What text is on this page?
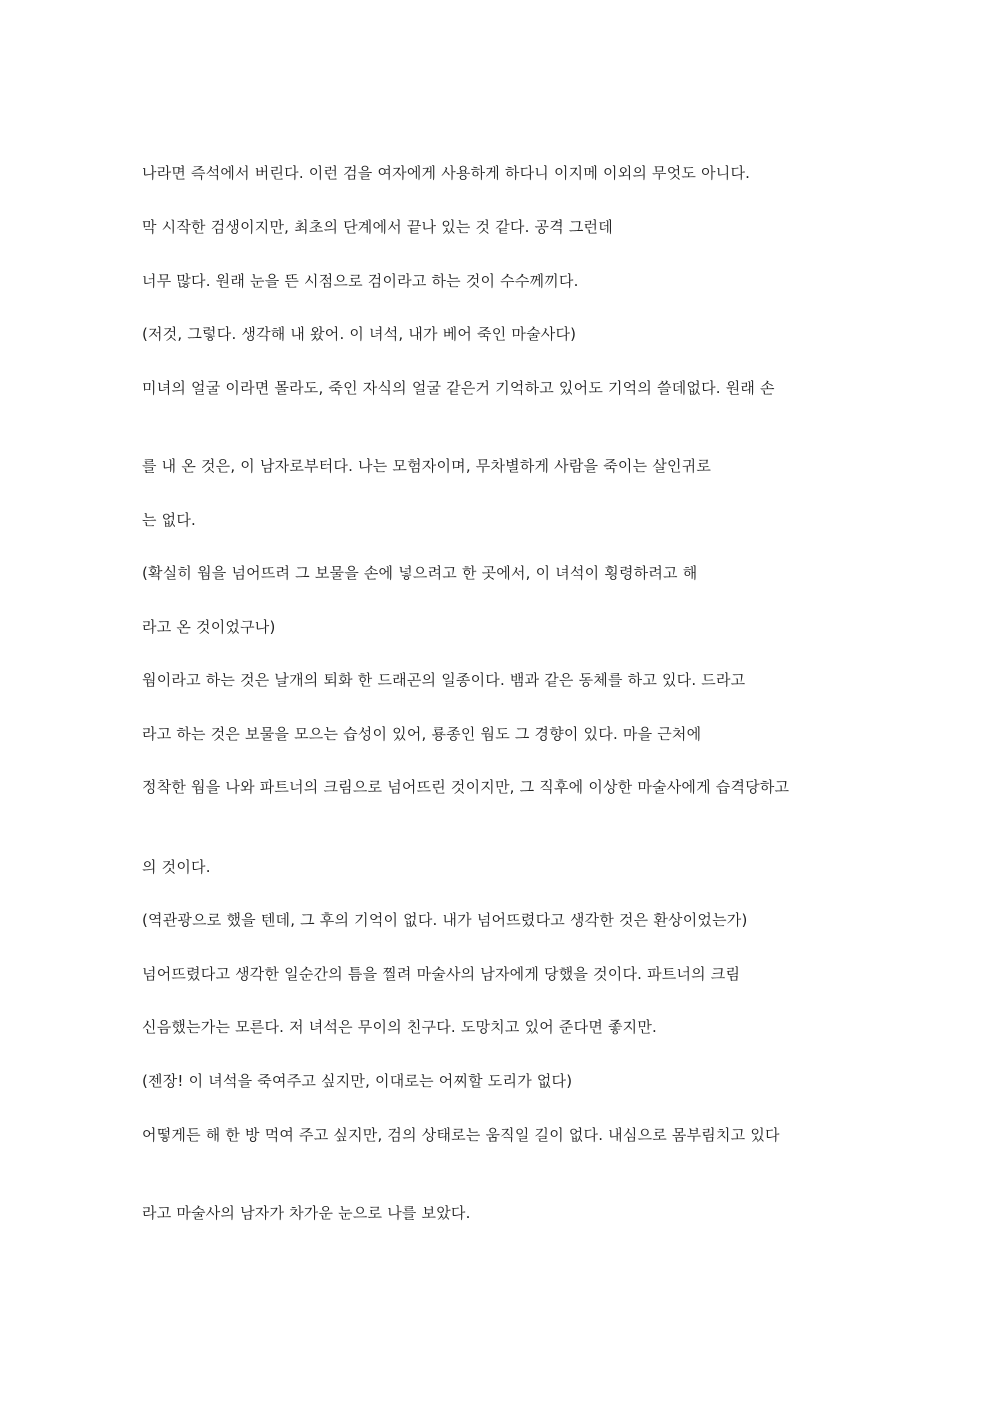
나라면 즉석에서 버린다. 이런 검을 여자에게 사용하게 하다니 이지메 이외의 무엇도 아니다.

막 시작한 검생이지만, 최초의 단계에서 끝나 있는 것 같다. 공격 그런데

너무 많다. 원래 눈을 뜬 시점으로 검이라고 하는 것이 수수께끼다.

(저것, 그렇다. 생각해 내 왔어. 이 녀석, 내가 베어 죽인 마술사다)

미녀의 얼굴 이라면 몰라도, 죽인 자식의 얼굴 같은거 기억하고 있어도 기억의 쓸데없다. 원래 손

를 내 온 것은, 이 남자로부터다. 나는 모험자이며, 무차별하게 사람을 죽이는 살인귀로

는 없다.

(확실히 웜을 넘어뜨려 그 보물을 손에 넣으려고 한 곳에서, 이 녀석이 횡령하려고 해

라고 온 것이었구나)

웜이라고 하는 것은 날개의 퇴화 한 드래곤의 일종이다. 뱀과 같은 동체를 하고 있다. 드라고

라고 하는 것은 보물을 모으는 습성이 있어, 룡종인 웜도 그 경향이 있다. 마을 근처에

정착한 웜을 나와 파트너의 크림으로 넘어뜨린 것이지만, 그 직후에 이상한 마술사에게 습격당하고

의 것이다.

(역관광으로 했을 텐데, 그 후의 기억이 없다. 내가 넘어뜨렸다고 생각한 것은 환상이었는가)

넘어뜨렸다고 생각한 일순간의 틈을 찔려 마술사의 남자에게 당했을 것이다. 파트너의 크림

신음했는가는 모른다. 저 녀석은 무이의 친구다. 도망치고 있어 준다면 좋지만.

(젠장! 이 녀석을 죽여주고 싶지만, 이대로는 어찌할 도리가 없다)

어떻게든 해 한 방 먹여 주고 싶지만, 검의 상태로는 움직일 길이 없다. 내심으로 몸부림치고 있다

라고 마술사의 남자가 차가운 눈으로 나를 보았다.
